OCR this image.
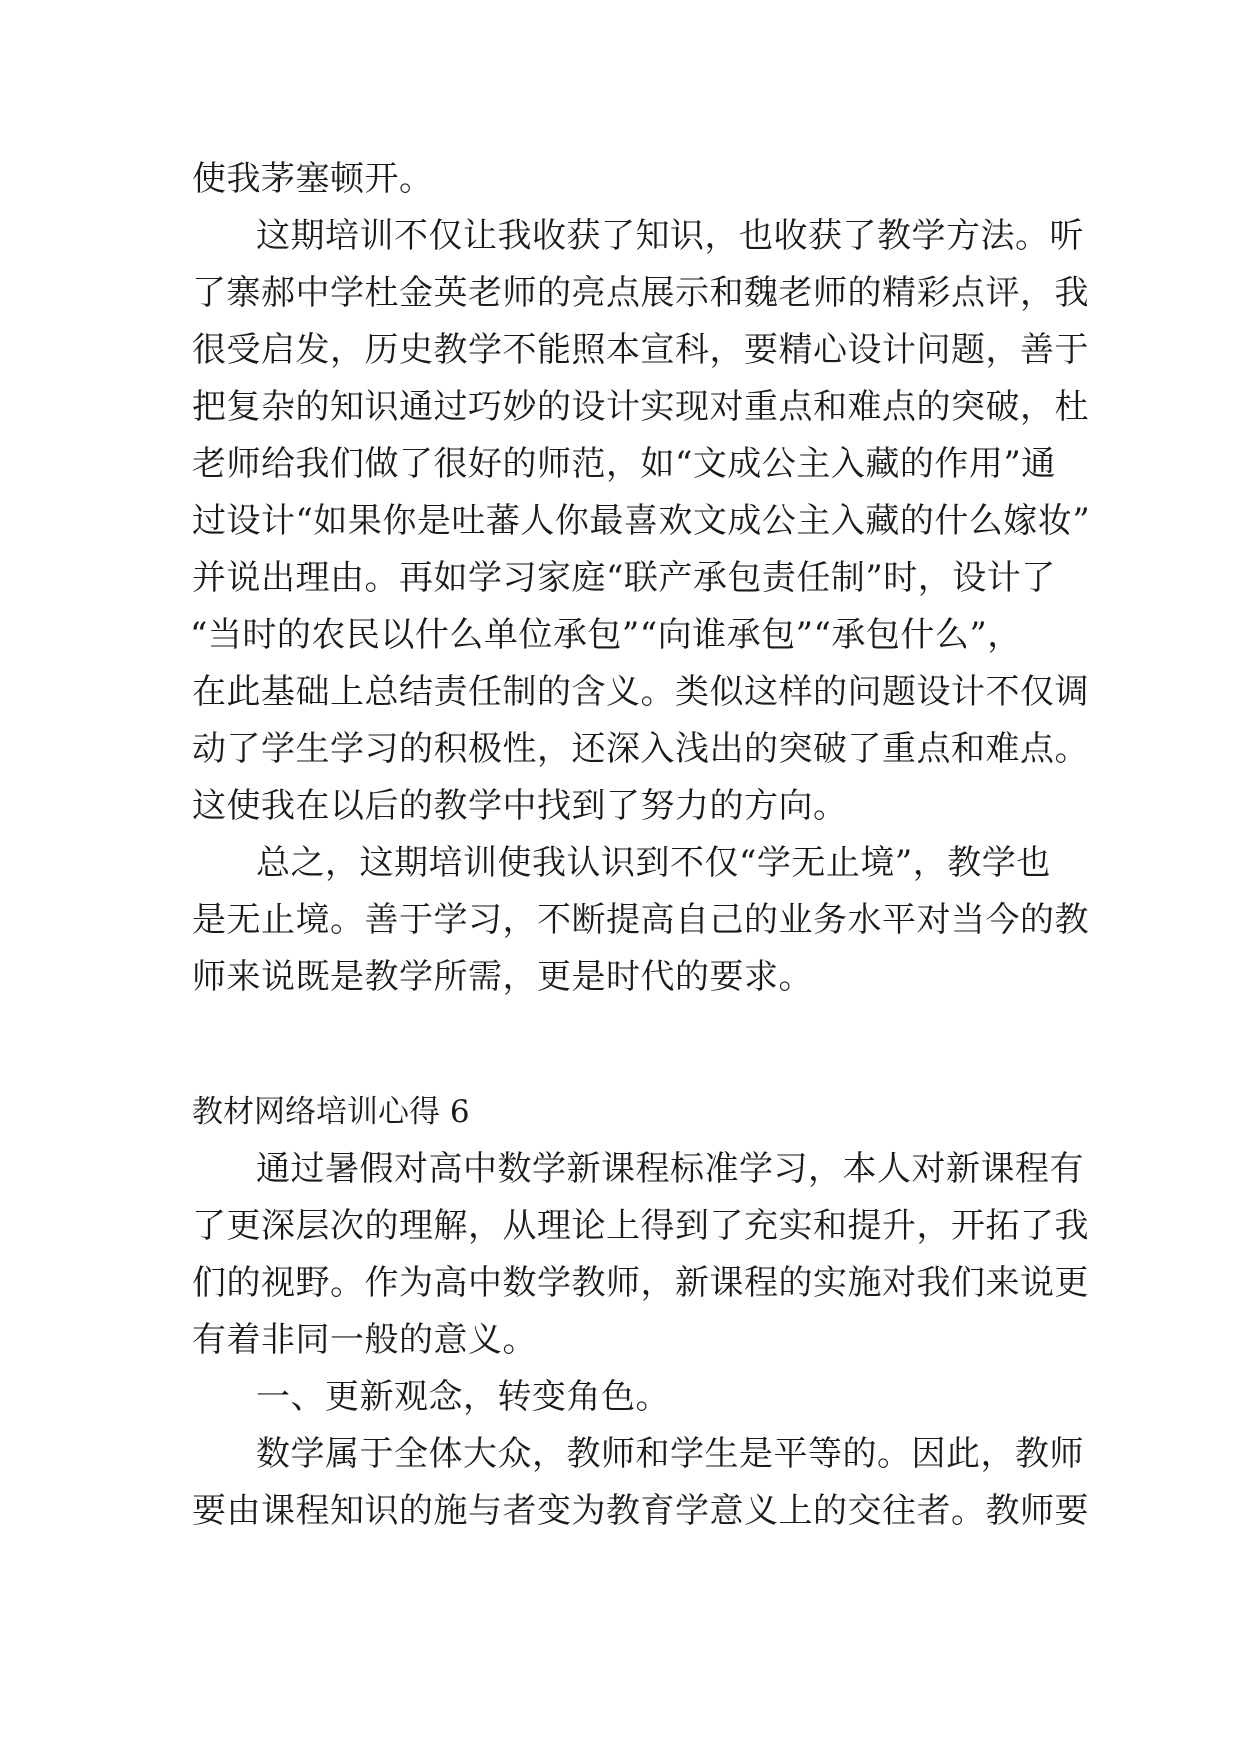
使我茅塞顿开。
这期培训不仅让我收获了知识，也收获了教学方法。听
了寨郝中学杜金英老师的亮点展示和魏老师的精彩点评，我
很受启发，历史教学不能照本宣科，要精心设计问题，善于
把复杂的知识通过巧妙的设计实现对重点和难点的突破，杜
老师给我们做了很好的师范，如“文成公主入藏的作用”通
过设计“如果你是吐蕃人你最喜欢文成公主入藏的什么嫁妆”
并说出理由。再如学习家庭“联产承包责任制”时，设计了
“当时的农民以什么单位承包”“向谁承包”“承包什么”，
在此基础上总结责任制的含义。类似这样的问题设计不仅调
动了学生学习的积极性，还深入浅出的突破了重点和难点。
这使我在以后的教学中找到了努力的方向。
总之，这期培训使我认识到不仅“学无止境”，教学也
是无止境。善于学习，不断提高自己的业务水平对当今的教
师来说既是教学所需，更是时代的要求。
教材网络培训心得 6
通过暑假对高中数学新课程标准学习，本人对新课程有
了更深层次的理解，从理论上得到了充实和提升，开拓了我
们的视野。作为高中数学教师，新课程的实施对我们来说更
有着非同一般的意义。
一、更新观念，转变角色。
数学属于全体大众，教师和学生是平等的。因此，教师
要由课程知识的施与者变为教育学意义上的交往者。教师要
